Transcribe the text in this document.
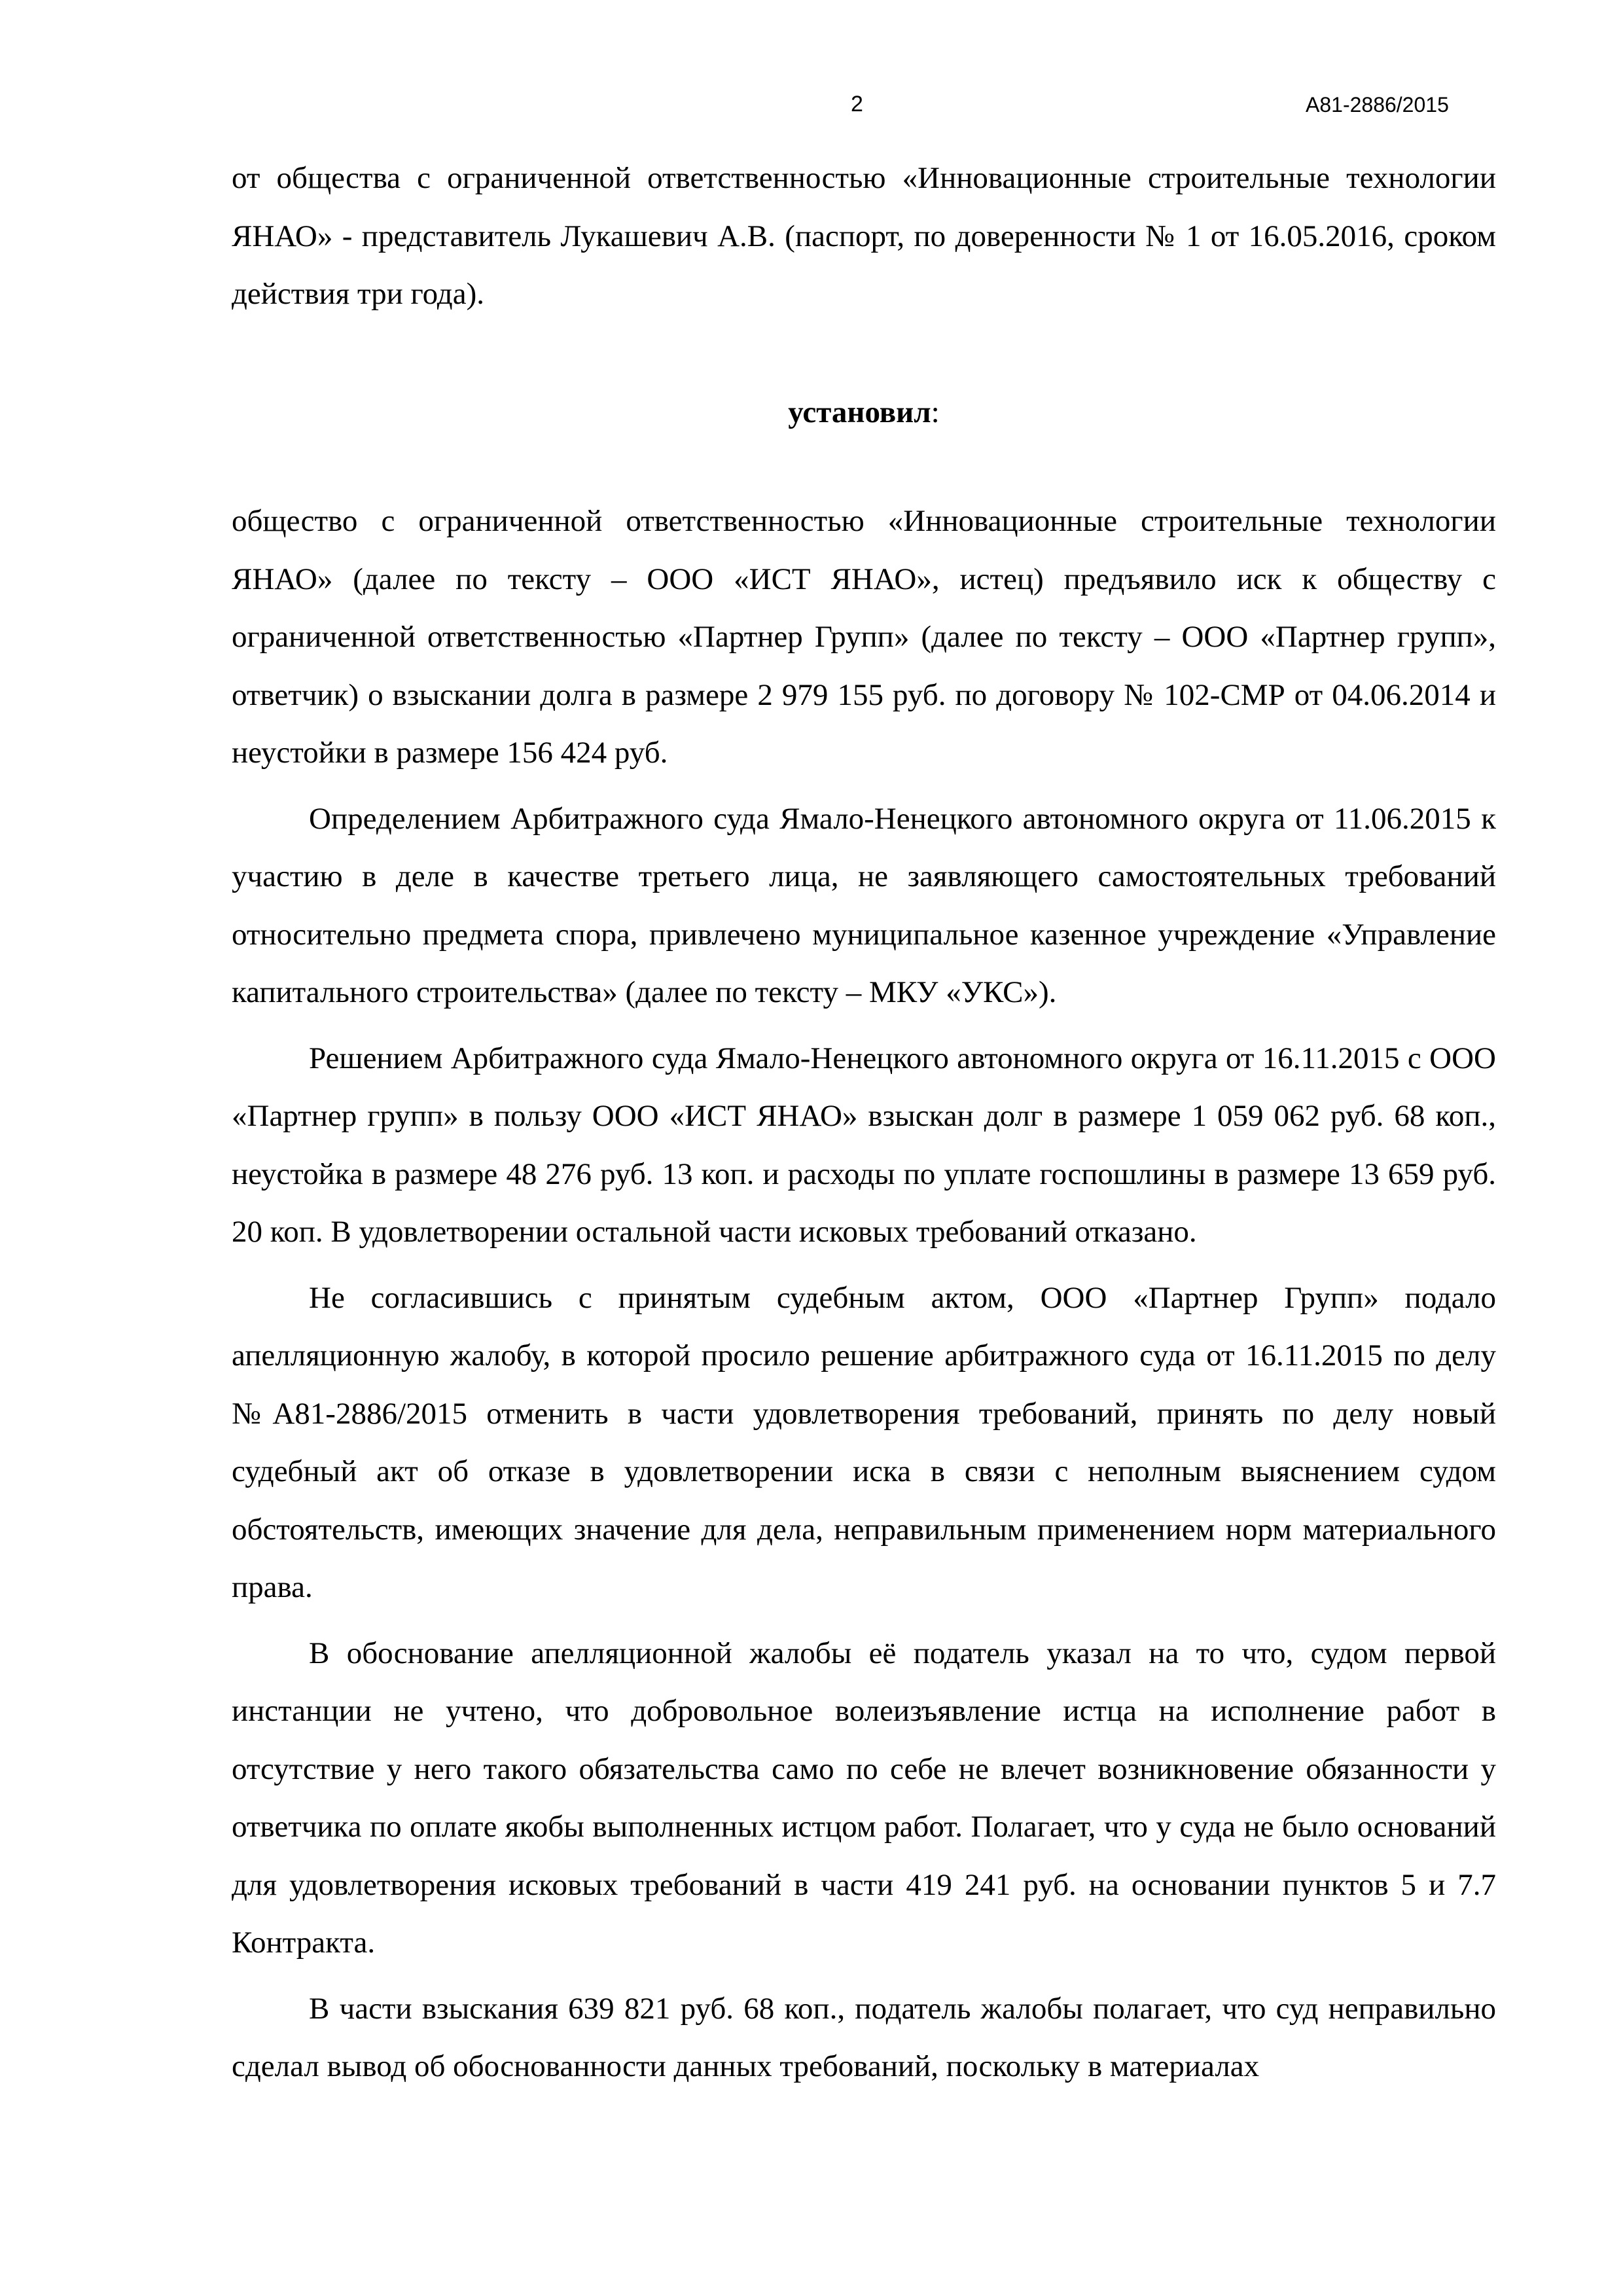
2	А81-2886/2015

от общества с ограниченной ответственностью «Инновационные строительные технологии ЯНАО» - представитель Лукашевич А.В. (паспорт, по доверенности № 1 от 16.05.2016, сроком действия три года).

установил:

общество с ограниченной ответственностью «Инновационные строительные технологии ЯНАО» (далее по тексту – ООО «ИСТ ЯНАО», истец) предъявило иск к обществу с ограниченной ответственностью «Партнер Групп» (далее по тексту – ООО «Партнер групп», ответчик) о взыскании долга в размере 2 979 155 руб. по договору № 102-СМР от 04.06.2014 и неустойки в размере 156 424 руб.

Определением Арбитражного суда Ямало-Ненецкого автономного округа от 11.06.2015 к участию в деле в качестве третьего лица, не заявляющего самостоятельных требований относительно предмета спора, привлечено муниципальное казенное учреждение «Управление капитального строительства» (далее по тексту – МКУ «УКС»).

Решением Арбитражного суда Ямало-Ненецкого автономного округа от 16.11.2015 с ООО «Партнер групп» в пользу ООО «ИСТ ЯНАО» взыскан долг в размере 1 059 062 руб. 68 коп., неустойка в размере 48 276 руб. 13 коп. и расходы по уплате госпошлины в размере 13 659 руб. 20 коп. В удовлетворении остальной части исковых требований отказано.

Не согласившись с принятым судебным актом, ООО «Партнер Групп» подало апелляционную жалобу, в которой просило решение арбитражного суда от 16.11.2015 по делу №А81-2886/2015 отменить в части удовлетворения требований, принять по делу новый судебный акт об отказе в удовлетворении иска в связи с неполным выяснением судом обстоятельств, имеющих значение для дела, неправильным применением норм материального права.

В обоснование апелляционной жалобы её податель указал на то что, судом первой инстанции не учтено, что добровольное волеизъявление истца на исполнение работ в отсутствие у него такого обязательства само по себе не влечет возникновение обязанности у ответчика по оплате якобы выполненных истцом работ. Полагает, что у суда не было оснований для удовлетворения исковых требований в части 419 241 руб. на основании пунктов 5 и 7.7 Контракта.

В части взыскания 639 821 руб. 68 коп., податель жалобы полагает, что суд неправильно сделал вывод об обоснованности данных требований, поскольку в материалах
